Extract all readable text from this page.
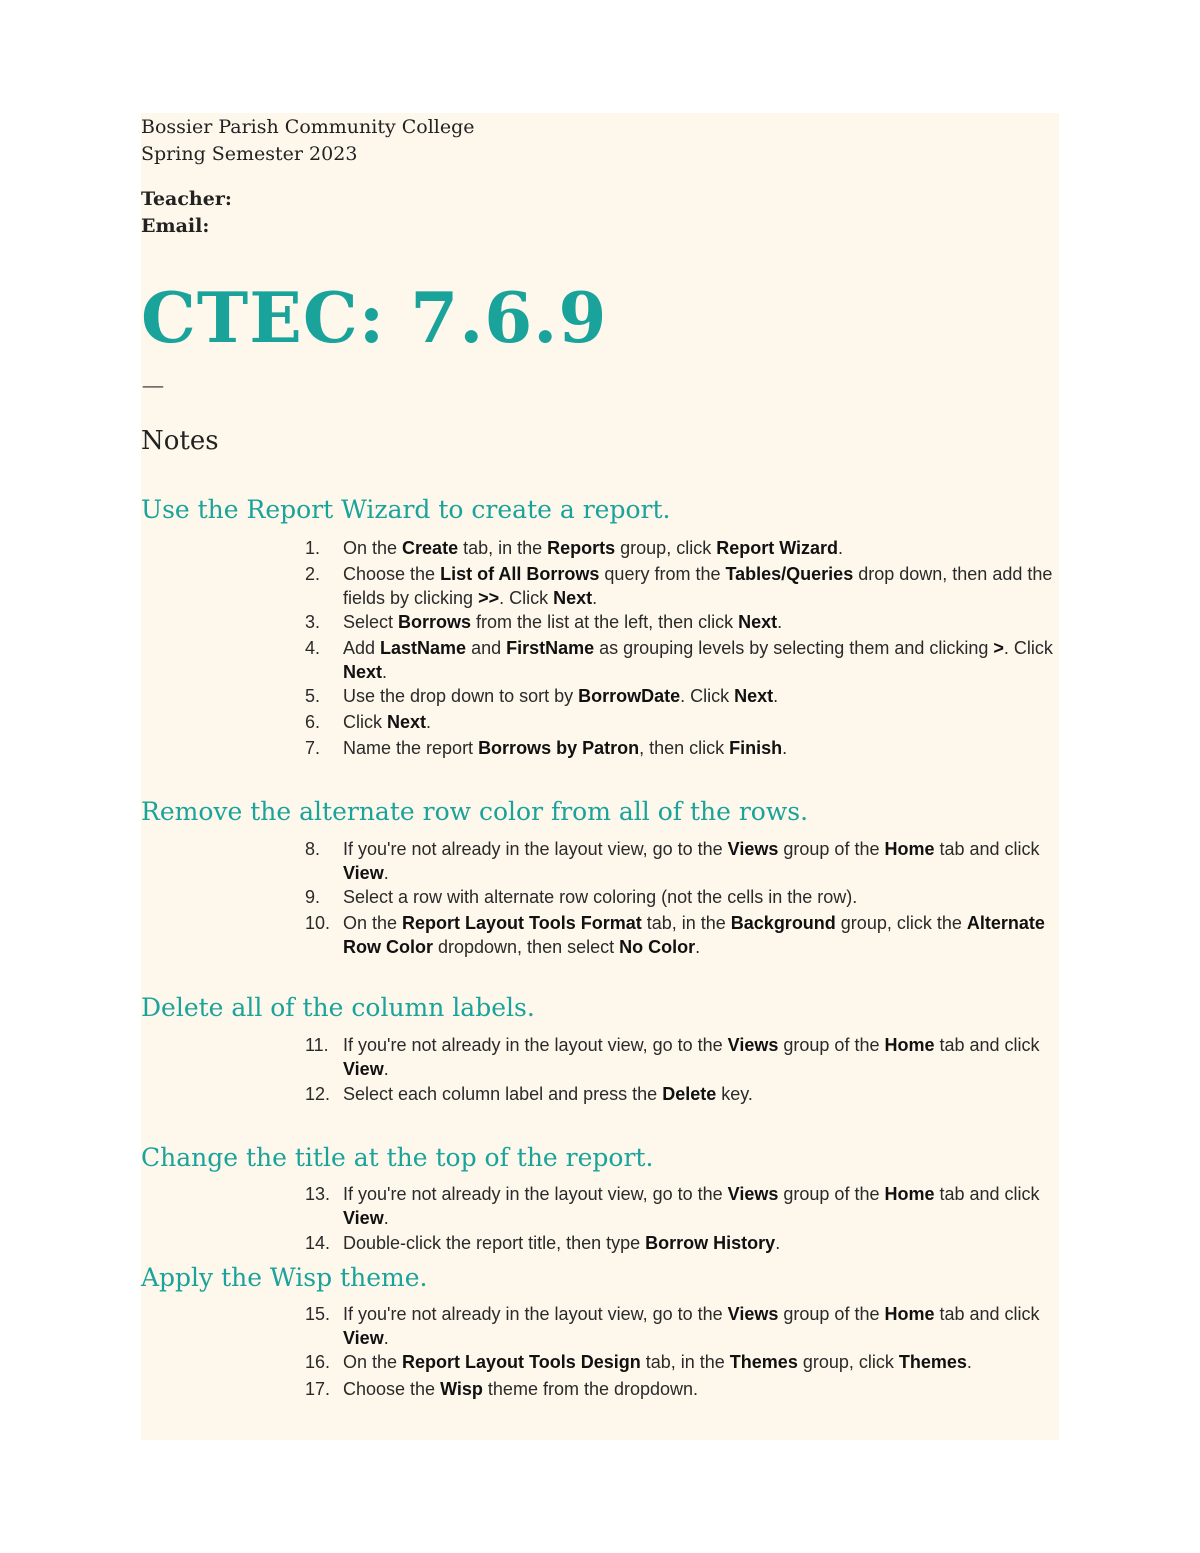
Bossier Parish Community College
Spring Semester 2023
Teacher:
Email:
CTEC: 7.6.9
__
Notes
Use the Report Wizard to create a report.
1.	On the Create tab, in the Reports group, click Report Wizard.
2.	Choose the List of All Borrows query from the Tables/Queries drop down, then add the fields by clicking >>. Click Next.
3.	Select Borrows from the list at the left, then click Next.
4.	Add LastName and FirstName as grouping levels by selecting them and clicking >. Click Next.
5.	Use the drop down to sort by BorrowDate. Click Next.
6.	Click Next.
7.	Name the report Borrows by Patron, then click Finish.
Remove the alternate row color from all of the rows.
8.	If you're not already in the layout view, go to the Views group of the Home tab and click View.
9.	Select a row with alternate row coloring (not the cells in the row).
10. On the Report Layout Tools Format tab, in the Background group, click the Alternate Row Color dropdown, then select No Color.
Delete all of the column labels.
11. If you're not already in the layout view, go to the Views group of the Home tab and click View.
12. Select each column label and press the Delete key.
Change the title at the top of the report.
13. If you're not already in the layout view, go to the Views group of the Home tab and click View.
14. Double-click the report title, then type Borrow History.
Apply the Wisp theme.
15. If you're not already in the layout view, go to the Views group of the Home tab and click View.
16. On the Report Layout Tools Design tab, in the Themes group, click Themes.
17. Choose the Wisp theme from the dropdown.
